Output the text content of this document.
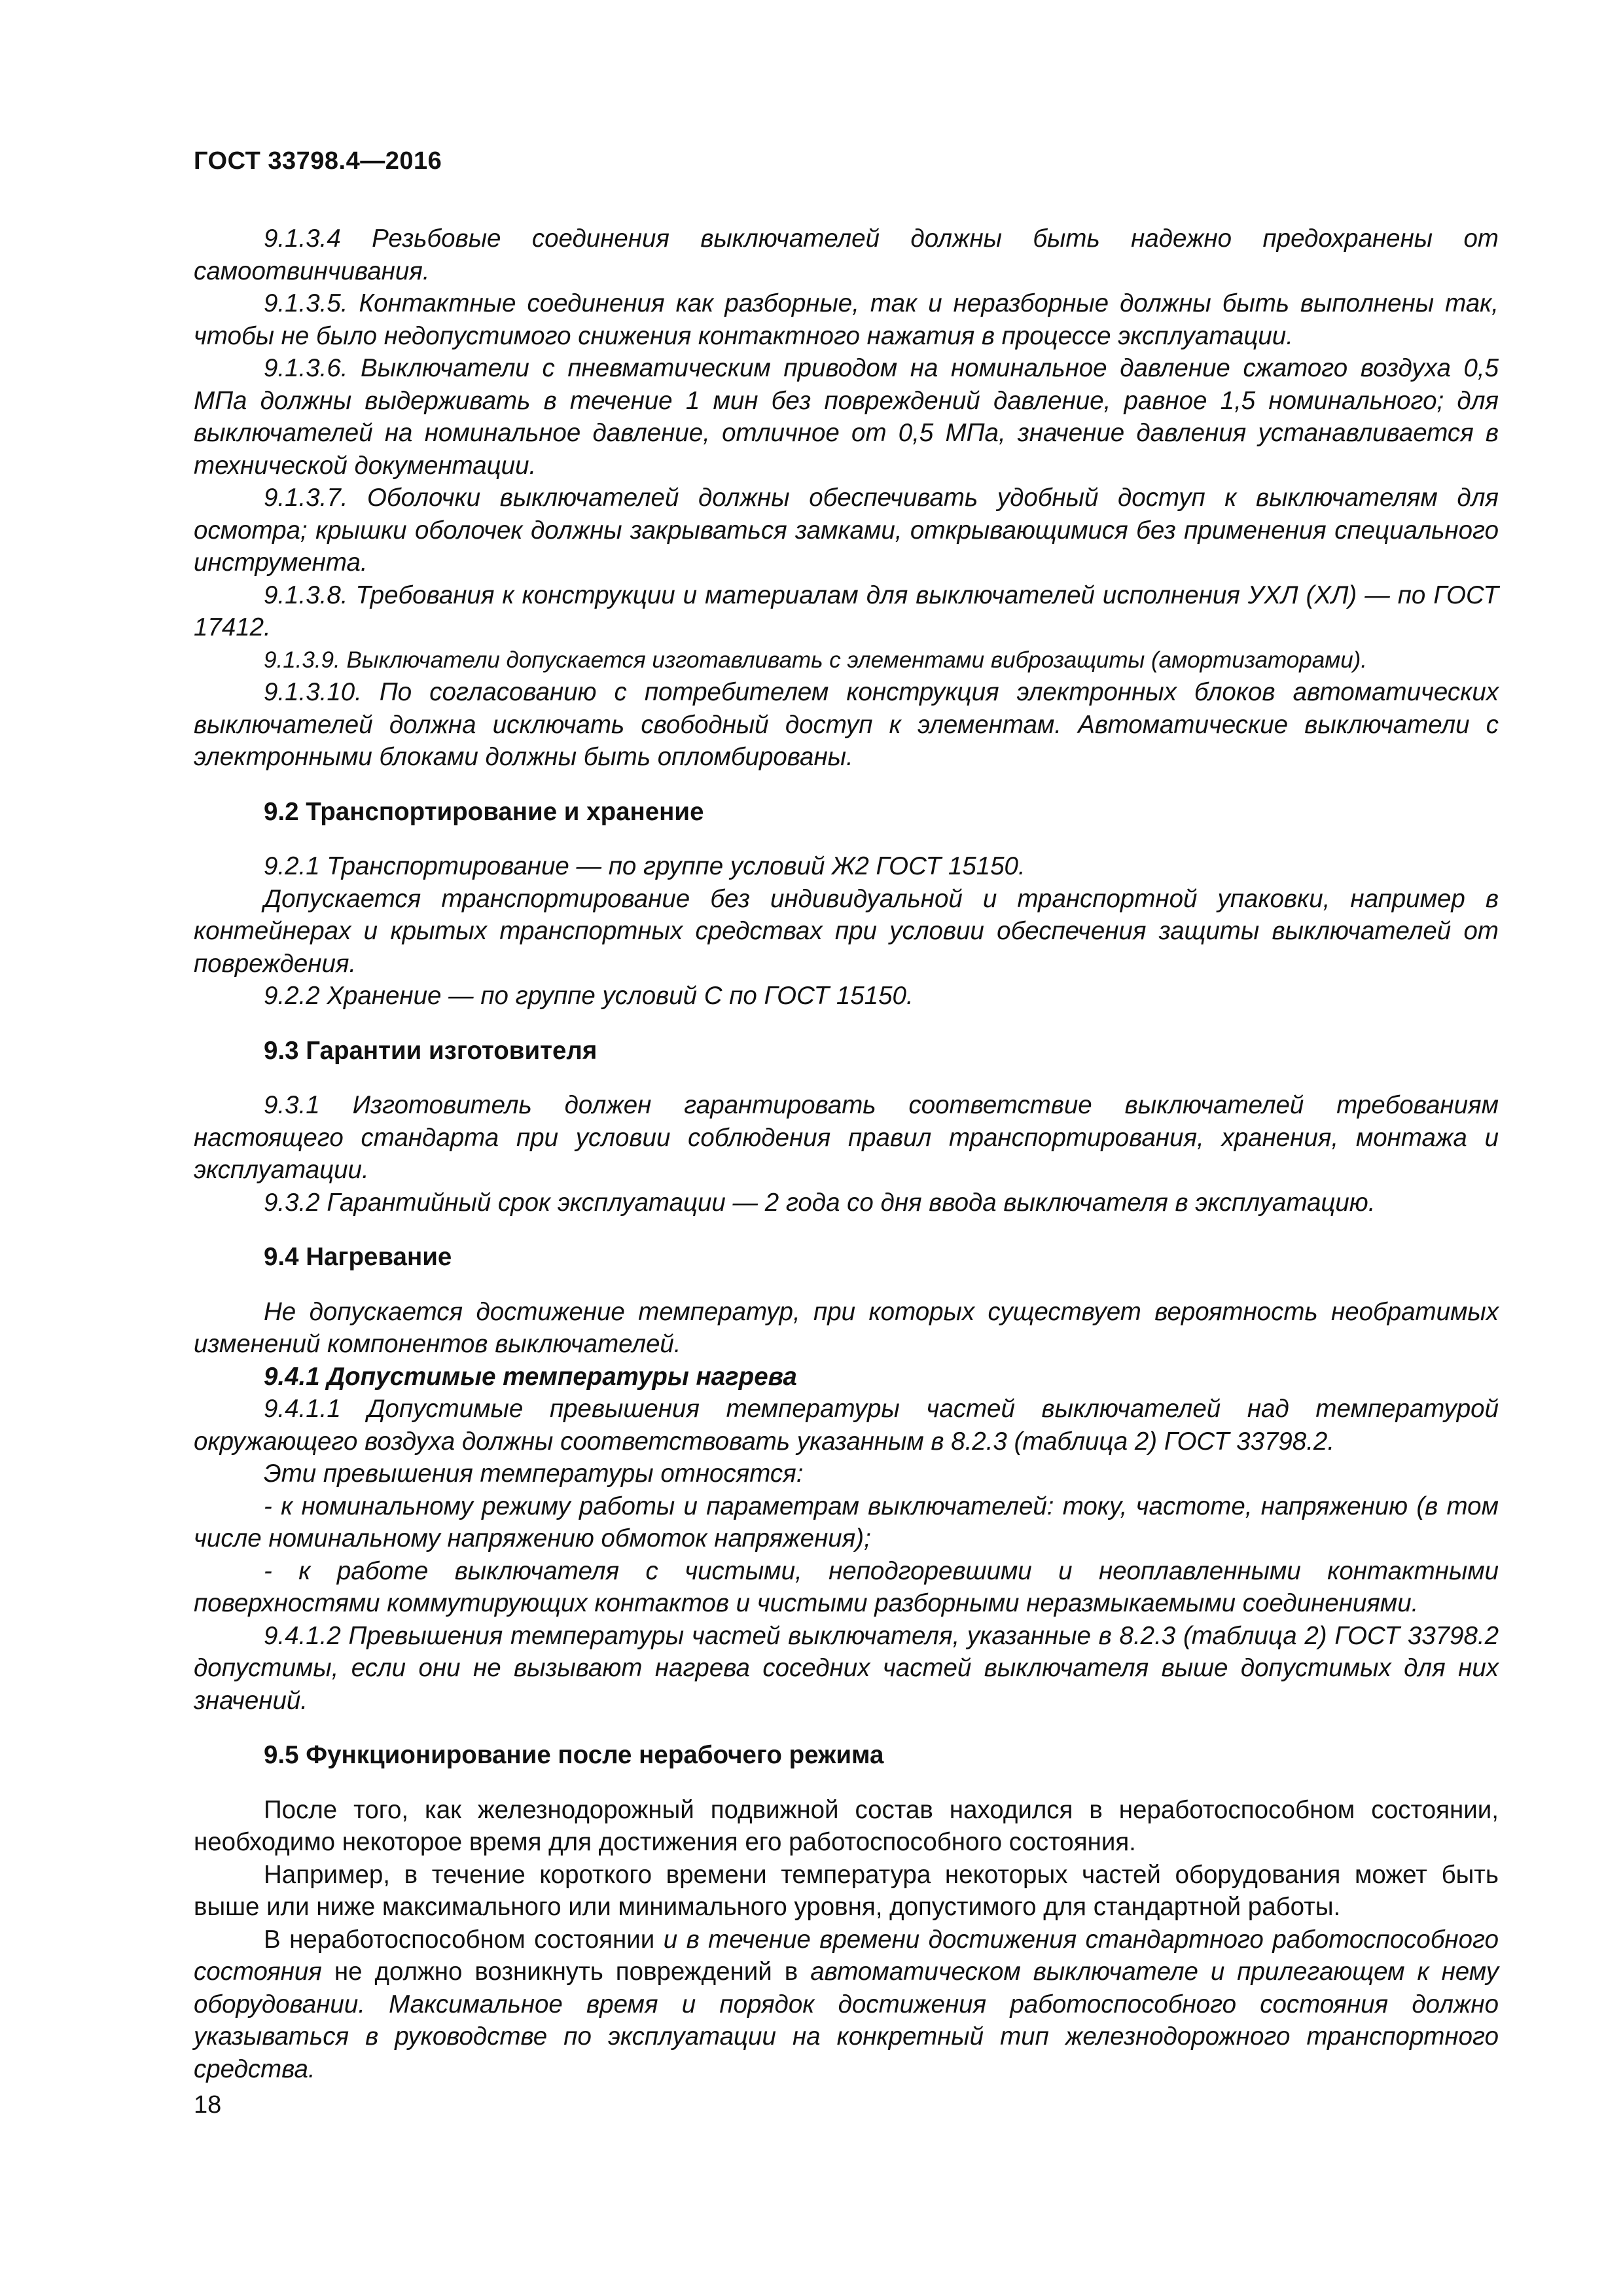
ГОСТ 33798.4—2016

9.1.3.4 Резьбовые соединения выключателей должны быть надежно предохранены от самоотвинчивания.

9.1.3.5. Контактные соединения как разборные, так и неразборные должны быть выполнены так, чтобы не было недопустимого снижения контактного нажатия в процессе эксплуатации.

9.1.3.6. Выключатели с пневматическим приводом на номинальное давление сжатого воздуха 0,5 МПа должны выдерживать в течение 1 мин без повреждений давление, равное 1,5 номинального; для выключателей на номинальное давление, отличное от 0,5 МПа, значение давления устанавливается в технической документации.

9.1.3.7. Оболочки выключателей должны обеспечивать удобный доступ к выключателям для осмотра; крышки оболочек должны закрываться замками, открывающимися без применения специального инструмента.

9.1.3.8. Требования к конструкции и материалам для выключателей исполнения УХЛ (ХЛ) — по ГОСТ 17412.

9.1.3.9. Выключатели допускается изготавливать с элементами виброзащиты (амортизаторами).

9.1.3.10. По согласованию с потребителем конструкция электронных блоков автоматических выключателей должна исключать свободный доступ к элементам. Автоматические выключатели с электронными блоками должны быть опломбированы.

9.2 Транспортирование и хранение

9.2.1 Транспортирование — по группе условий Ж2 ГОСТ 15150.

Допускается транспортирование без индивидуальной и транспортной упаковки, например в контейнерах и крытых транспортных средствах при условии обеспечения защиты выключателей от повреждения.

9.2.2 Хранение — по группе условий С по ГОСТ 15150.

9.3 Гарантии изготовителя

9.3.1 Изготовитель должен гарантировать соответствие выключателей требованиям настоящего стандарта при условии соблюдения правил транспортирования, хранения, монтажа и эксплуатации.

9.3.2 Гарантийный срок эксплуатации — 2 года со дня ввода выключателя в эксплуатацию.

9.4 Нагревание

Не допускается достижение температур, при которых существует вероятность необратимых изменений компонентов выключателей.

9.4.1 Допустимые температуры нагрева

9.4.1.1 Допустимые превышения температуры частей выключателей над температурой окружающего воздуха должны соответствовать указанным в 8.2.3 (таблица 2) ГОСТ 33798.2.

Эти превышения температуры относятся:

- к номинальному режиму работы и параметрам выключателей: току, частоте, напряжению (в том числе номинальному напряжению обмоток напряжения);

- к работе выключателя с чистыми, неподгоревшими и неоплавленными контактными поверхностями коммутирующих контактов и чистыми разборными неразмыкаемыми соединениями.

9.4.1.2 Превышения температуры частей выключателя, указанные в 8.2.3 (таблица 2) ГОСТ 33798.2 допустимы, если они не вызывают нагрева соседних частей выключателя выше допустимых для них значений.

9.5 Функционирование после нерабочего режима

После того, как железнодорожный подвижной состав находился в неработоспособном состоянии, необходимо некоторое время для достижения его работоспособного состояния.

Например, в течение короткого времени температура некоторых частей оборудования может быть выше или ниже максимального или минимального уровня, допустимого для стандартной работы.

В неработоспособном состоянии и в течение времени достижения стандартного работоспособного состояния не должно возникнуть повреждений в автоматическом выключателе и прилегающем к нему оборудовании. Максимальное время и порядок достижения работоспособного состояния должно указываться в руководстве по эксплуатации на конкретный тип железнодорожного транспортного средства.

18
